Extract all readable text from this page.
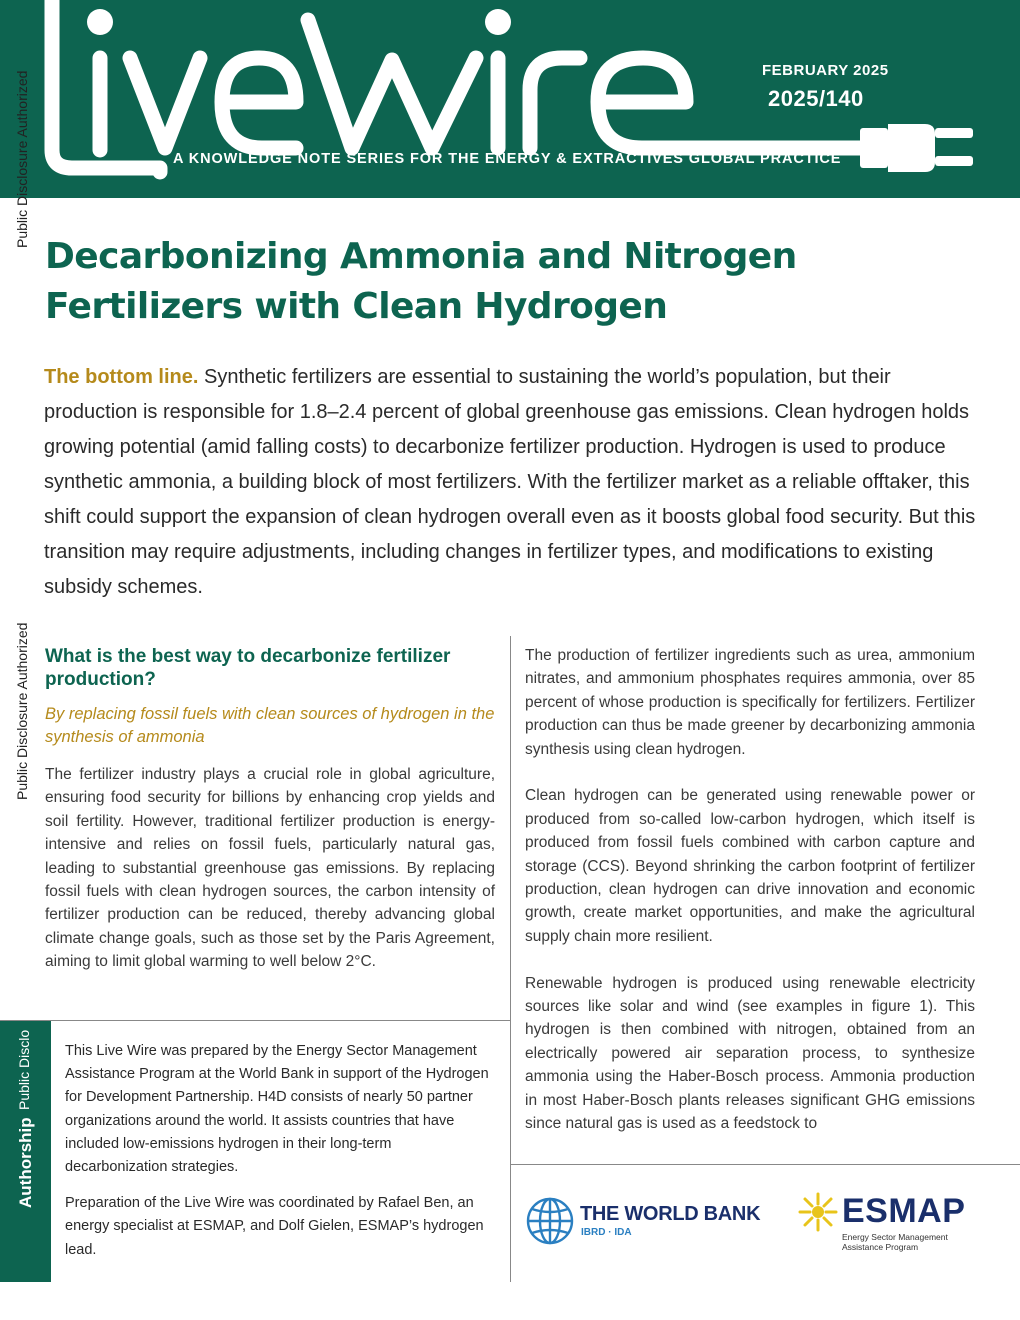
FEBRUARY 2025
2025/140
A KNOWLEDGE NOTE SERIES FOR THE ENERGY & EXTRACTIVES GLOBAL PRACTICE
Public Disclosure Authorized
Public Disclosure Authorized
Decarbonizing Ammonia and Nitrogen Fertilizers with Clean Hydrogen

The bottom line. Synthetic fertilizers are essential to sustaining the world’s population, but their production is responsible for 1.8–2.4 percent of global greenhouse gas emissions. Clean hydrogen holds growing potential (amid falling costs) to decarbonize fertilizer production. Hydrogen is used to produce synthetic ammonia, a building block of most fertilizers. With the fertilizer market as a reliable offtaker, this shift could support the expansion of clean hydrogen overall even as it boosts global food security. But this transition may require adjustments, including changes in fertilizer types, and modifications to existing subsidy schemes.

What is the best way to decarbonize fertilizer production?

By replacing fossil fuels with clean sources of hydrogen in the synthesis of ammonia

The fertilizer industry plays a crucial role in global agriculture, ensuring food security for billions by enhancing crop yields and soil fertility. However, traditional fertilizer production is energy-intensive and relies on fossil fuels, particularly natural gas, leading to substantial greenhouse gas emissions. By replacing fossil fuels with clean hydrogen sources, the carbon intensity of fertilizer production can be reduced, thereby advancing global climate change goals, such as those set by the Paris Agreement, aiming to limit global warming to well below 2°C.

The production of fertilizer ingredients such as urea, ammonium nitrates, and ammonium phosphates requires ammonia, over 85 percent of whose production is specifically for fertilizers. Fertilizer production can thus be made greener by decarbonizing ammonia synthesis using clean hydrogen.

Clean hydrogen can be generated using renewable power or produced from so-called low-carbon hydrogen, which itself is produced from fossil fuels combined with carbon capture and storage (CCS). Beyond shrinking the carbon footprint of fertilizer production, clean hydrogen can drive innovation and economic growth, create market opportunities, and make the agricultural supply chain more resilient.

Renewable hydrogen is produced using renewable electricity sources like solar and wind (see examples in figure 1). This hydrogen is then combined with nitrogen, obtained from an electrically powered air separation process, to synthesize ammonia using the Haber-Bosch process. Ammonia production in most Haber-Bosch plants releases significant GHG emissions since natural gas is used as a feedstock to

Authorship
Public Disclo This Live Wire was prepared by the Energy Sector Management Assistance Program at the World Bank in support of the Hydrogen for Development Partnership. H4D consists of nearly 50 partner organizations around the world. It assists countries that have included low-emissions hydrogen in their long-term decarbonization strategies.

Preparation of the Live Wire was coordinated by Rafael Ben, an energy specialist at ESMAP, and Dolf Gielen, ESMAP’s hydrogen lead.

THE WORLD BANK
IBRD · IDA
ESMAP
Energy Sector Management Assistance Program
